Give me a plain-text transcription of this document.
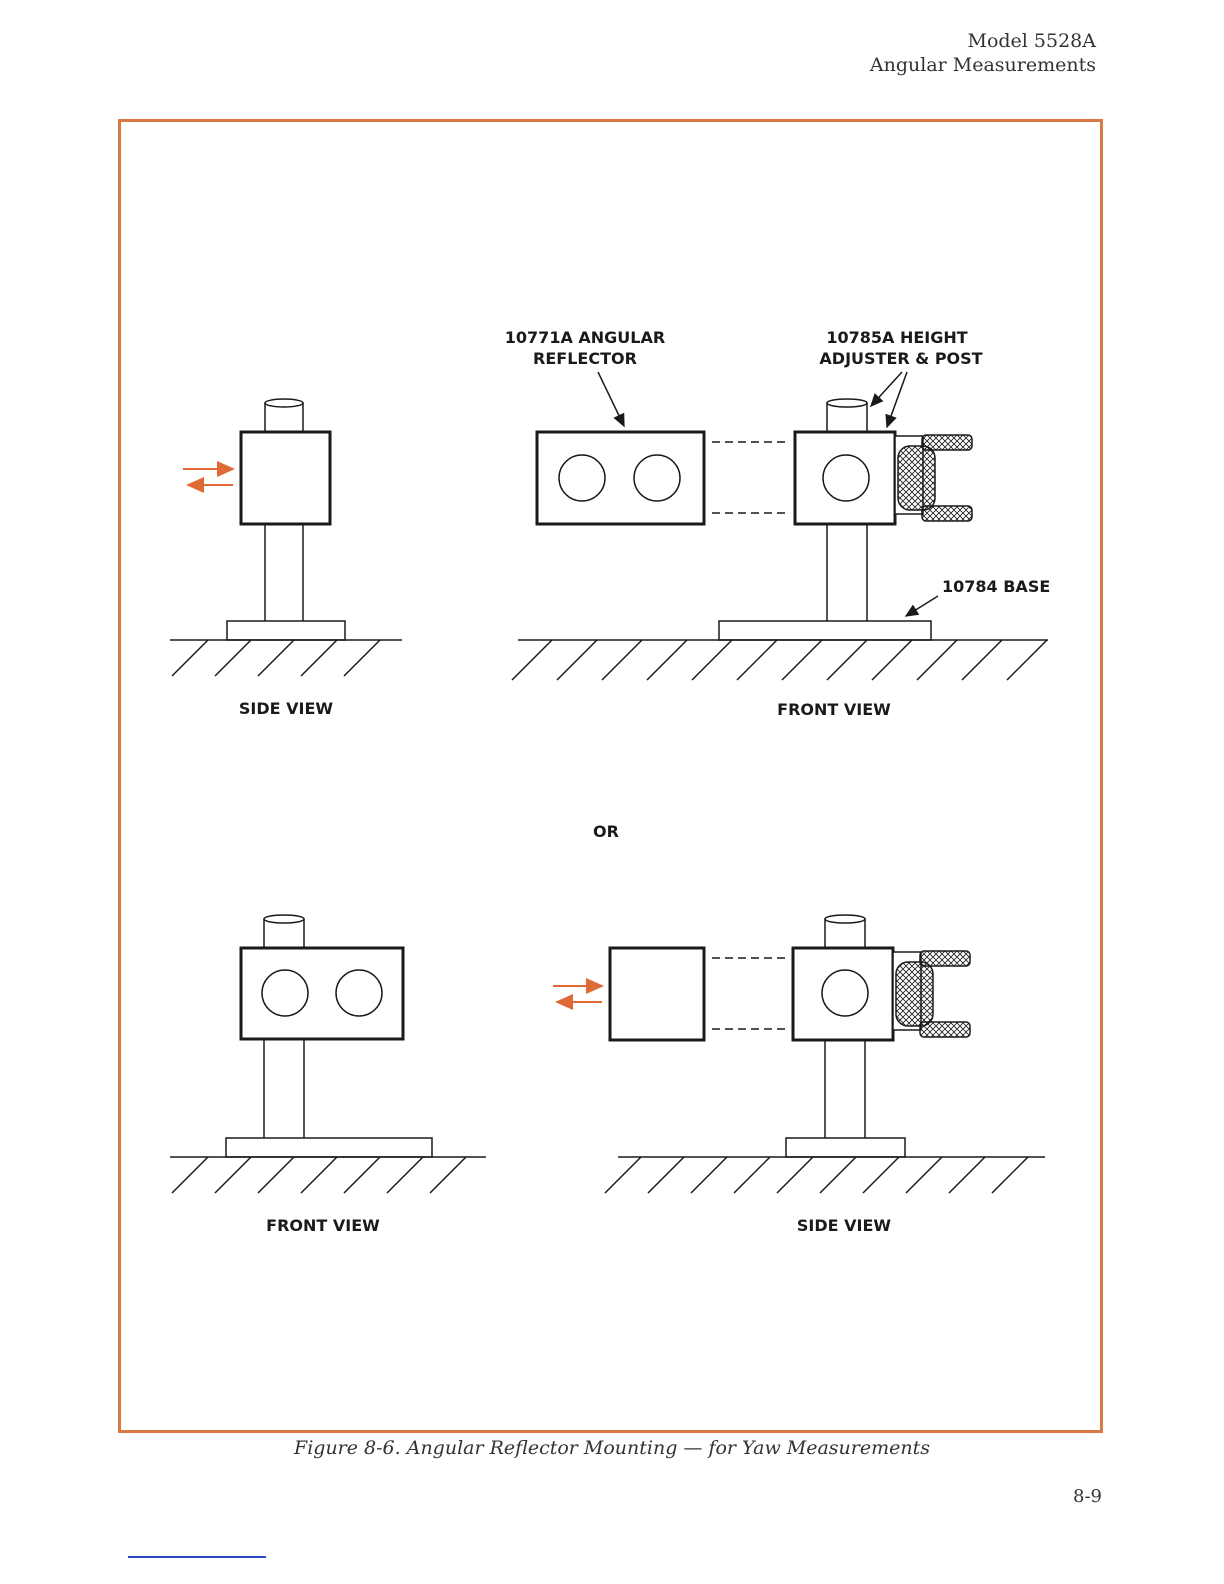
Model 5528A
Angular Measurements
10771A ANGULAR
REFLECTOR
10785A HEIGHT
ADJUSTER & POST
10784 BASE
SIDE VIEW	FRONT VIEW
OR
FRONT VIEW	SIDE VIEW
Figure 8-6. Angular Reflector Mounting — for Yaw Measurements
8-9
